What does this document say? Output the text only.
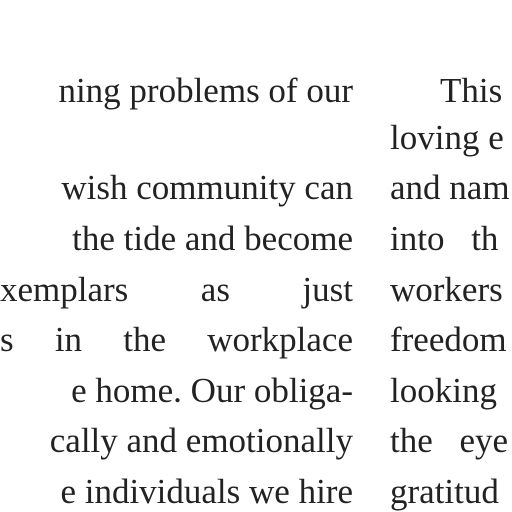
ning problems of our
wish community can
the tide and become
xemplars as just
s in the workplace
e home. Our obliga-
cally and emotionally
e individuals we hire
This
loving e
and nam
into th
workers
freedom
looking
the eye
gratitud
